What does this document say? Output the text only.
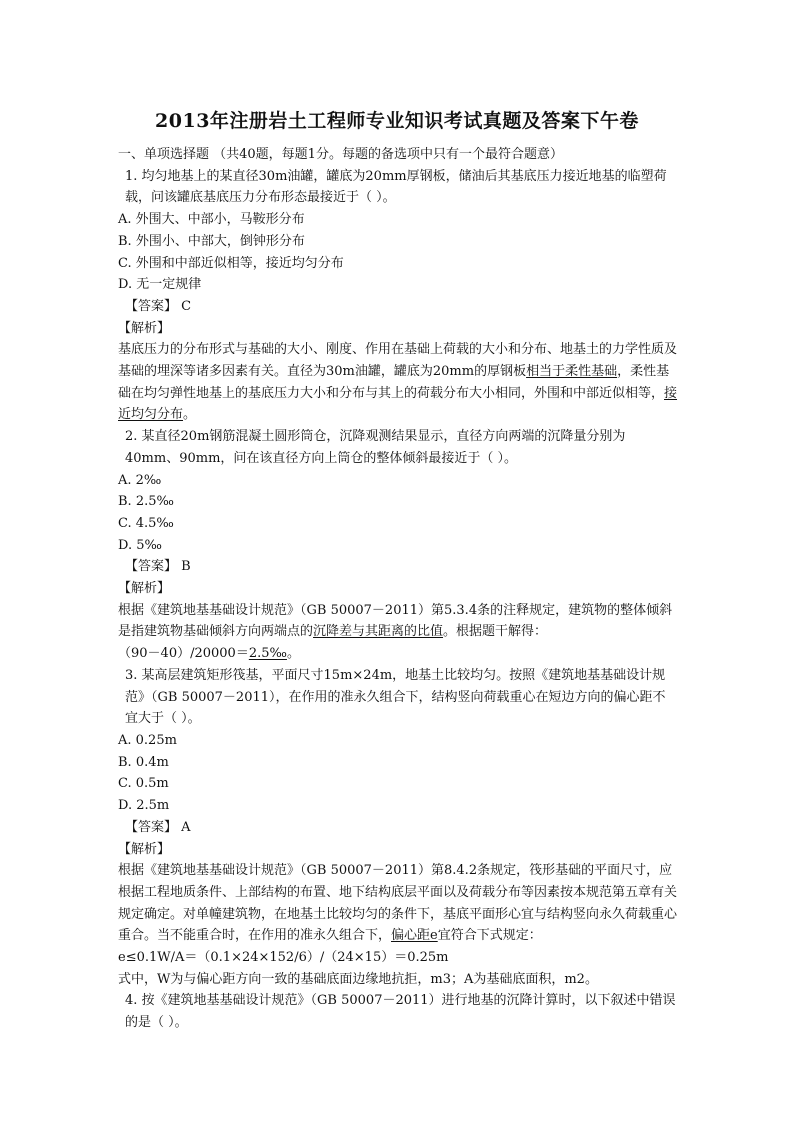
2013年注册岩土工程师专业知识考试真题及答案下午卷

一、单项选择题 （共40题，每题1分。每题的备选项中只有一个最符合题意）

1. 均匀地基上的某直径30m油罐，罐底为20mm厚钢板，储油后其基底压力接近地基的临塑荷载，问该罐底基底压力分布形态最接近于（ ）。

A. 外围大、中部小，马鞍形分布

B. 外围小、中部大，倒钟形分布

C. 外围和中部近似相等，接近均匀分布

D. 无一定规律

【答案】 C

【解析】

基底压力的分布形式与基础的大小、刚度、作用在基础上荷载的大小和分布、地基土的力学性质及基础的埋深等诸多因素有关。直径为30m油罐，罐底为20mm的厚钢板相当于柔性基础，柔性基础在均匀弹性地基上的基底压力大小和分布与其上的荷载分布大小相同，外围和中部近似相等，接近均匀分布。

2. 某直径20m钢筋混凝土圆形筒仓，沉降观测结果显示，直径方向两端的沉降量分别为40mm、90mm，问在该直径方向上筒仓的整体倾斜最接近于（ ）。

A. 2‰

B. 2.5‰

C. 4.5‰

D. 5‰

【答案】 B

【解析】

根据《建筑地基基础设计规范》（GB 50007－2011）第5.3.4条的注释规定，建筑物的整体倾斜是指建筑物基础倾斜方向两端点的沉降差与其距离的比值。根据题干解得：

（90－40）/20000＝2.5‰。

3. 某高层建筑矩形筏基，平面尺寸15m×24m，地基土比较均匀。按照《建筑地基基础设计规范》（GB 50007－2011），在作用的准永久组合下，结构竖向荷载重心在短边方向的偏心距不宜大于（ ）。

A. 0.25m

B. 0.4m

C. 0.5m

D. 2.5m

【答案】 A

【解析】

根据《建筑地基基础设计规范》（GB 50007－2011）第8.4.2条规定，筏形基础的平面尺寸，应根据工程地质条件、上部结构的布置、地下结构底层平面以及荷载分布等因素按本规范第五章有关规定确定。对单幢建筑物，在地基土比较均匀的条件下，基底平面形心宜与结构竖向永久荷载重心重合。当不能重合时，在作用的准永久组合下，偏心距e宜符合下式规定：

e≤0.1W/A＝（0.1×24×152/6）/（24×15）＝0.25m

式中，W为与偏心距方向一致的基础底面边缘地抗拒，m3；A为基础底面积，m2。

4. 按《建筑地基基础设计规范》（GB 50007－2011）进行地基的沉降计算时，以下叙述中错误的是（ ）。
